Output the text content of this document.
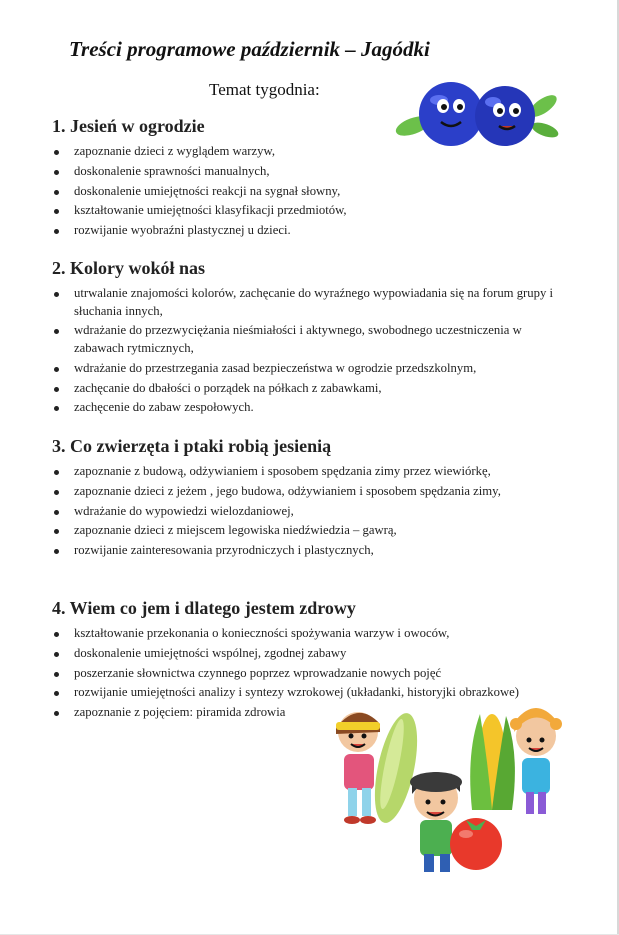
Treści programowe październik – Jagódki
Temat tygodnia:
1. Jesień w ogrodzie
zapoznanie dzieci z wyglądem warzyw,
doskonalenie sprawności manualnych,
doskonalenie umiejętności reakcji na sygnał słowny,
kształtowanie umiejętności klasyfikacji przedmiotów,
rozwijanie wyobraźni plastycznej u dzieci.
2. Kolory wokół nas
utrwalanie znajomości kolorów, zachęcanie do wyraźnego wypowiadania się na forum grupy i słuchania innych,
wdrażanie do przezwyciężania nieśmiałości i aktywnego, swobodnego uczestniczenia w zabawach rytmicznych,
wdrażanie do przestrzegania zasad bezpieczeństwa w ogrodzie przedszkolnym,
zachęcanie do dbałości o porządek na półkach z zabawkami,
zachęcenie do zabaw zespołowych.
3. Co zwierzęta i ptaki robią jesienią
zapoznanie z budową, odżywianiem i sposobem spędzania zimy przez wiewiórkę,
zapoznanie dzieci z jeżem , jego budowa, odżywianiem i sposobem spędzania zimy,
wdrażanie do wypowiedzi wielozdaniowej,
zapoznanie dzieci z miejscem legowiska niedźwiedzia – gawrą,
rozwijanie zainteresowania przyrodniczych i plastycznych,
4. Wiem co jem i dlatego jestem zdrowy
kształtowanie przekonania o konieczności spożywania warzyw i owoców,
doskonalenie umiejętności wspólnej, zgodnej zabawy
poszerzanie słownictwa czynnego poprzez wprowadzanie nowych pojęć
rozwijanie umiejętności analizy i syntezy wzrokowej (układanki, historyjki obrazkowe)
zapoznanie z pojęciem: piramida zdrowia
